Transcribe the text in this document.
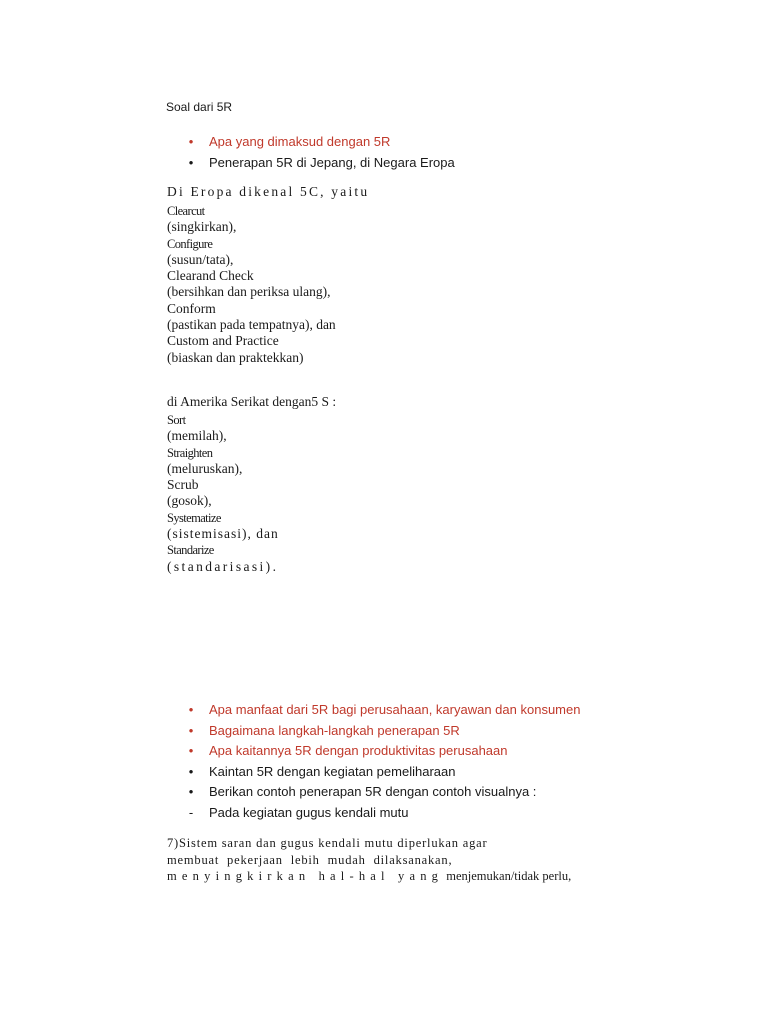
Soal dari 5R
• Apa yang dimaksud dengan 5R
• Penerapan 5R di Jepang, di Negara Eropa
Di Eropa dikenal 5C, yaitu
Clearcut
(singkirkan),
Configure
(susun/tata),
Clearand Check
(bersihkan dan periksa ulang),
Conform
(pastikan pada tempatnya), dan
Custom and Practice
(biaskan dan praktekkan)
di Amerika Serikat dengan5 S :
Sort
(memilah),
Straighten
(meluruskan),
Scrub
(gosok),
Systematize
(sistemisasi), dan
Standarize
(standarisasi).
• Apa manfaat dari 5R bagi perusahaan, karyawan dan konsumen
• Bagaimana langkah-langkah penerapan 5R
• Apa kaitannya 5R dengan produktivitas perusahaan
• Kaintan 5R dengan kegiatan pemeliharaan
• Berikan contoh penerapan 5R dengan contoh visualnya :
- Pada kegiatan gugus kendali mutu
7)Sistem saran dan gugus kendali mutu diperlukan agar
membuat pekerjaan lebih mudah dilaksanakan,
menyingkirkan hal-hal yang menjemukan/tidak perlu,
